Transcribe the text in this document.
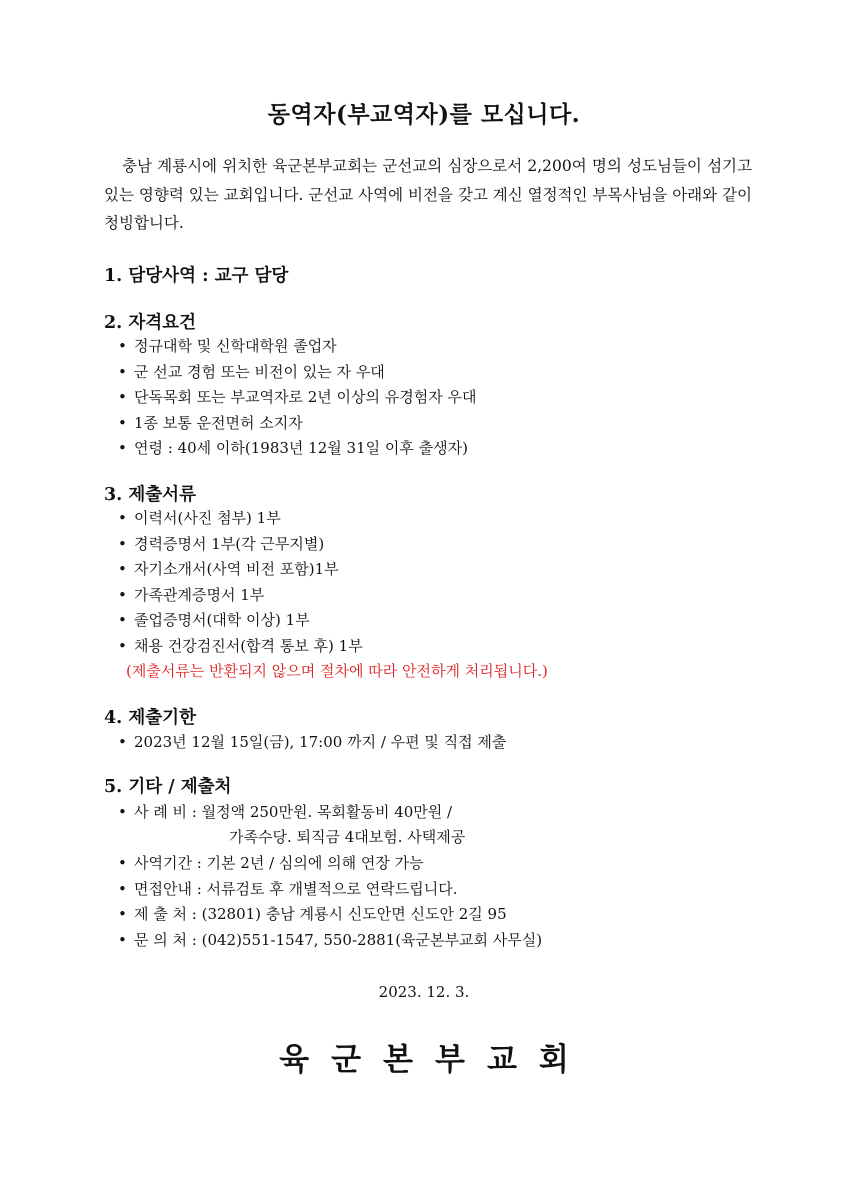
동역자(부교역자)를 모십니다.

충남 계룡시에 위치한 육군본부교회는 군선교의 심장으로서 2,200여 명의 성도님들이 섬기고 있는 영향력 있는 교회입니다. 군선교 사역에 비전을 갖고 계신 열정적인 부목사님을 아래와 같이 청빙합니다.

1. 담당사역 : 교구 담당
2. 자격요건
• 정규대학 및 신학대학원 졸업자
• 군 선교 경험 또는 비전이 있는 자 우대
• 단독목회 또는 부교역자로 2년 이상의 유경험자 우대
• 1종 보통 운전면허 소지자
• 연령 : 40세 이하(1983년 12월 31일 이후 출생자)
3. 제출서류
• 이력서(사진 첨부) 1부
• 경력증명서 1부(각 근무지별)
• 자기소개서(사역 비전 포함)1부
• 가족관계증명서 1부
• 졸업증명서(대학 이상) 1부
• 채용 건강검진서(합격 통보 후) 1부

(제출서류는 반환되지 않으며 절차에 따라 안전하게 처리됩니다.)

4. 제출기한
• 2023년 12월 15일(금), 17:00 까지 / 우편 및 직접 제출
5. 기타 / 제출처
• 사 례 비 : 월정액 250만원. 목회활동비 40만원 /

가족수당. 퇴직금 4대보험. 사택제공

• 사역기간 : 기본 2년 / 심의에 의해 연장 가능
• 면접안내 : 서류검토 후 개별적으로 연락드립니다.
• 제 출 처 : (32801) 충남 계룡시 신도안면 신도안 2길 95
• 문 의 처 : (042)551-1547, 550-2881(육군본부교회 사무실)
2023. 12. 3.
육군본부교회
